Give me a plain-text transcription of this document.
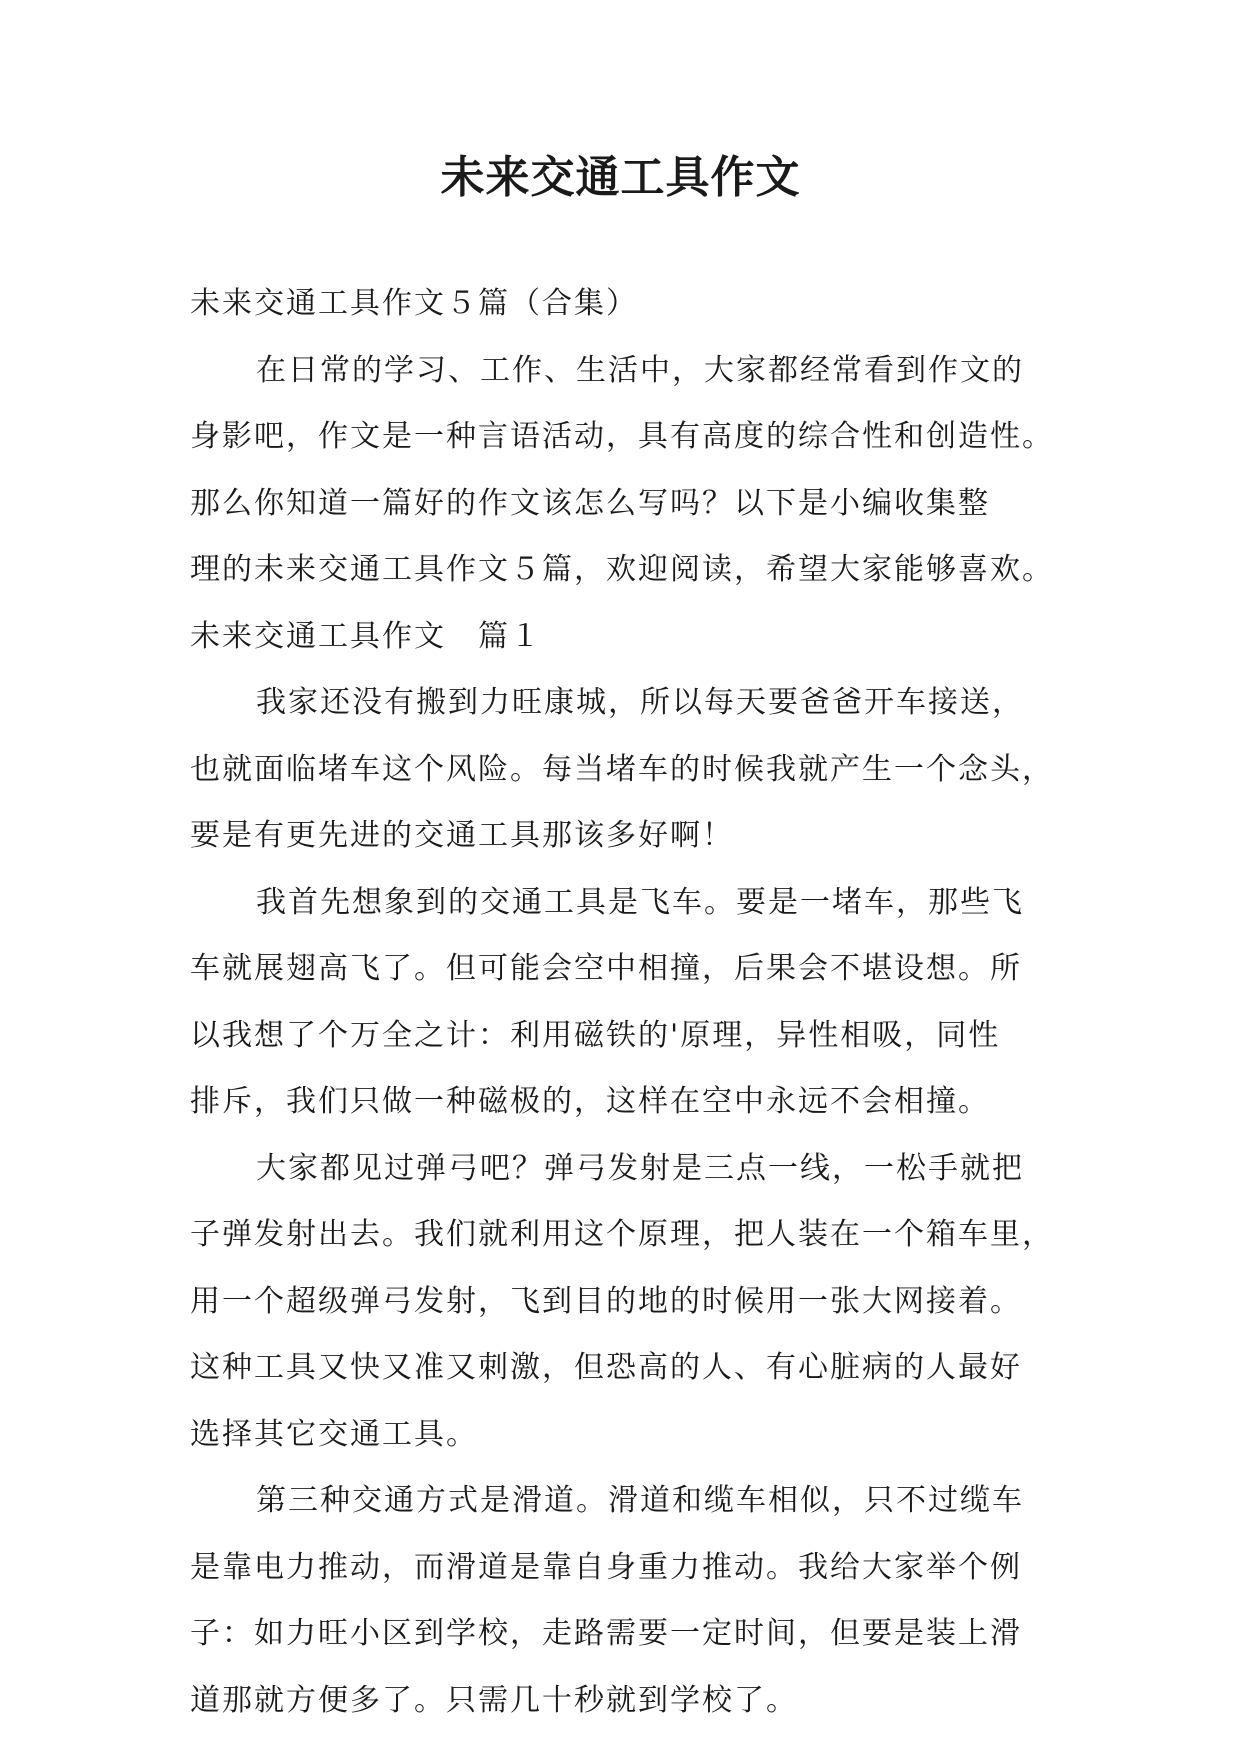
未来交通工具作文
未来交通工具作文５篇（合集）
在日常的学习、工作、生活中，大家都经常看到作文的
身影吧，作文是一种言语活动，具有高度的综合性和创造性。
那么你知道一篇好的作文该怎么写吗？以下是小编收集整
理的未来交通工具作文５篇，欢迎阅读，希望大家能够喜欢。
未来交通工具作文　篇１
我家还没有搬到力旺康城，所以每天要爸爸开车接送，
也就面临堵车这个风险。每当堵车的时候我就产生一个念头，
要是有更先进的交通工具那该多好啊！
我首先想象到的交通工具是飞车。要是一堵车，那些飞
车就展翅高飞了。但可能会空中相撞，后果会不堪设想。所
以我想了个万全之计：利用磁铁的'原理，异性相吸，同性
排斥，我们只做一种磁极的，这样在空中永远不会相撞。
大家都见过弹弓吧？弹弓发射是三点一线，一松手就把
子弹发射出去。我们就利用这个原理，把人装在一个箱车里，
用一个超级弹弓发射，飞到目的地的时候用一张大网接着。
这种工具又快又准又刺激，但恐高的人、有心脏病的人最好
选择其它交通工具。
第三种交通方式是滑道。滑道和缆车相似，只不过缆车
是靠电力推动，而滑道是靠自身重力推动。我给大家举个例
子：如力旺小区到学校，走路需要一定时间，但要是装上滑
道那就方便多了。只需几十秒就到学校了。
